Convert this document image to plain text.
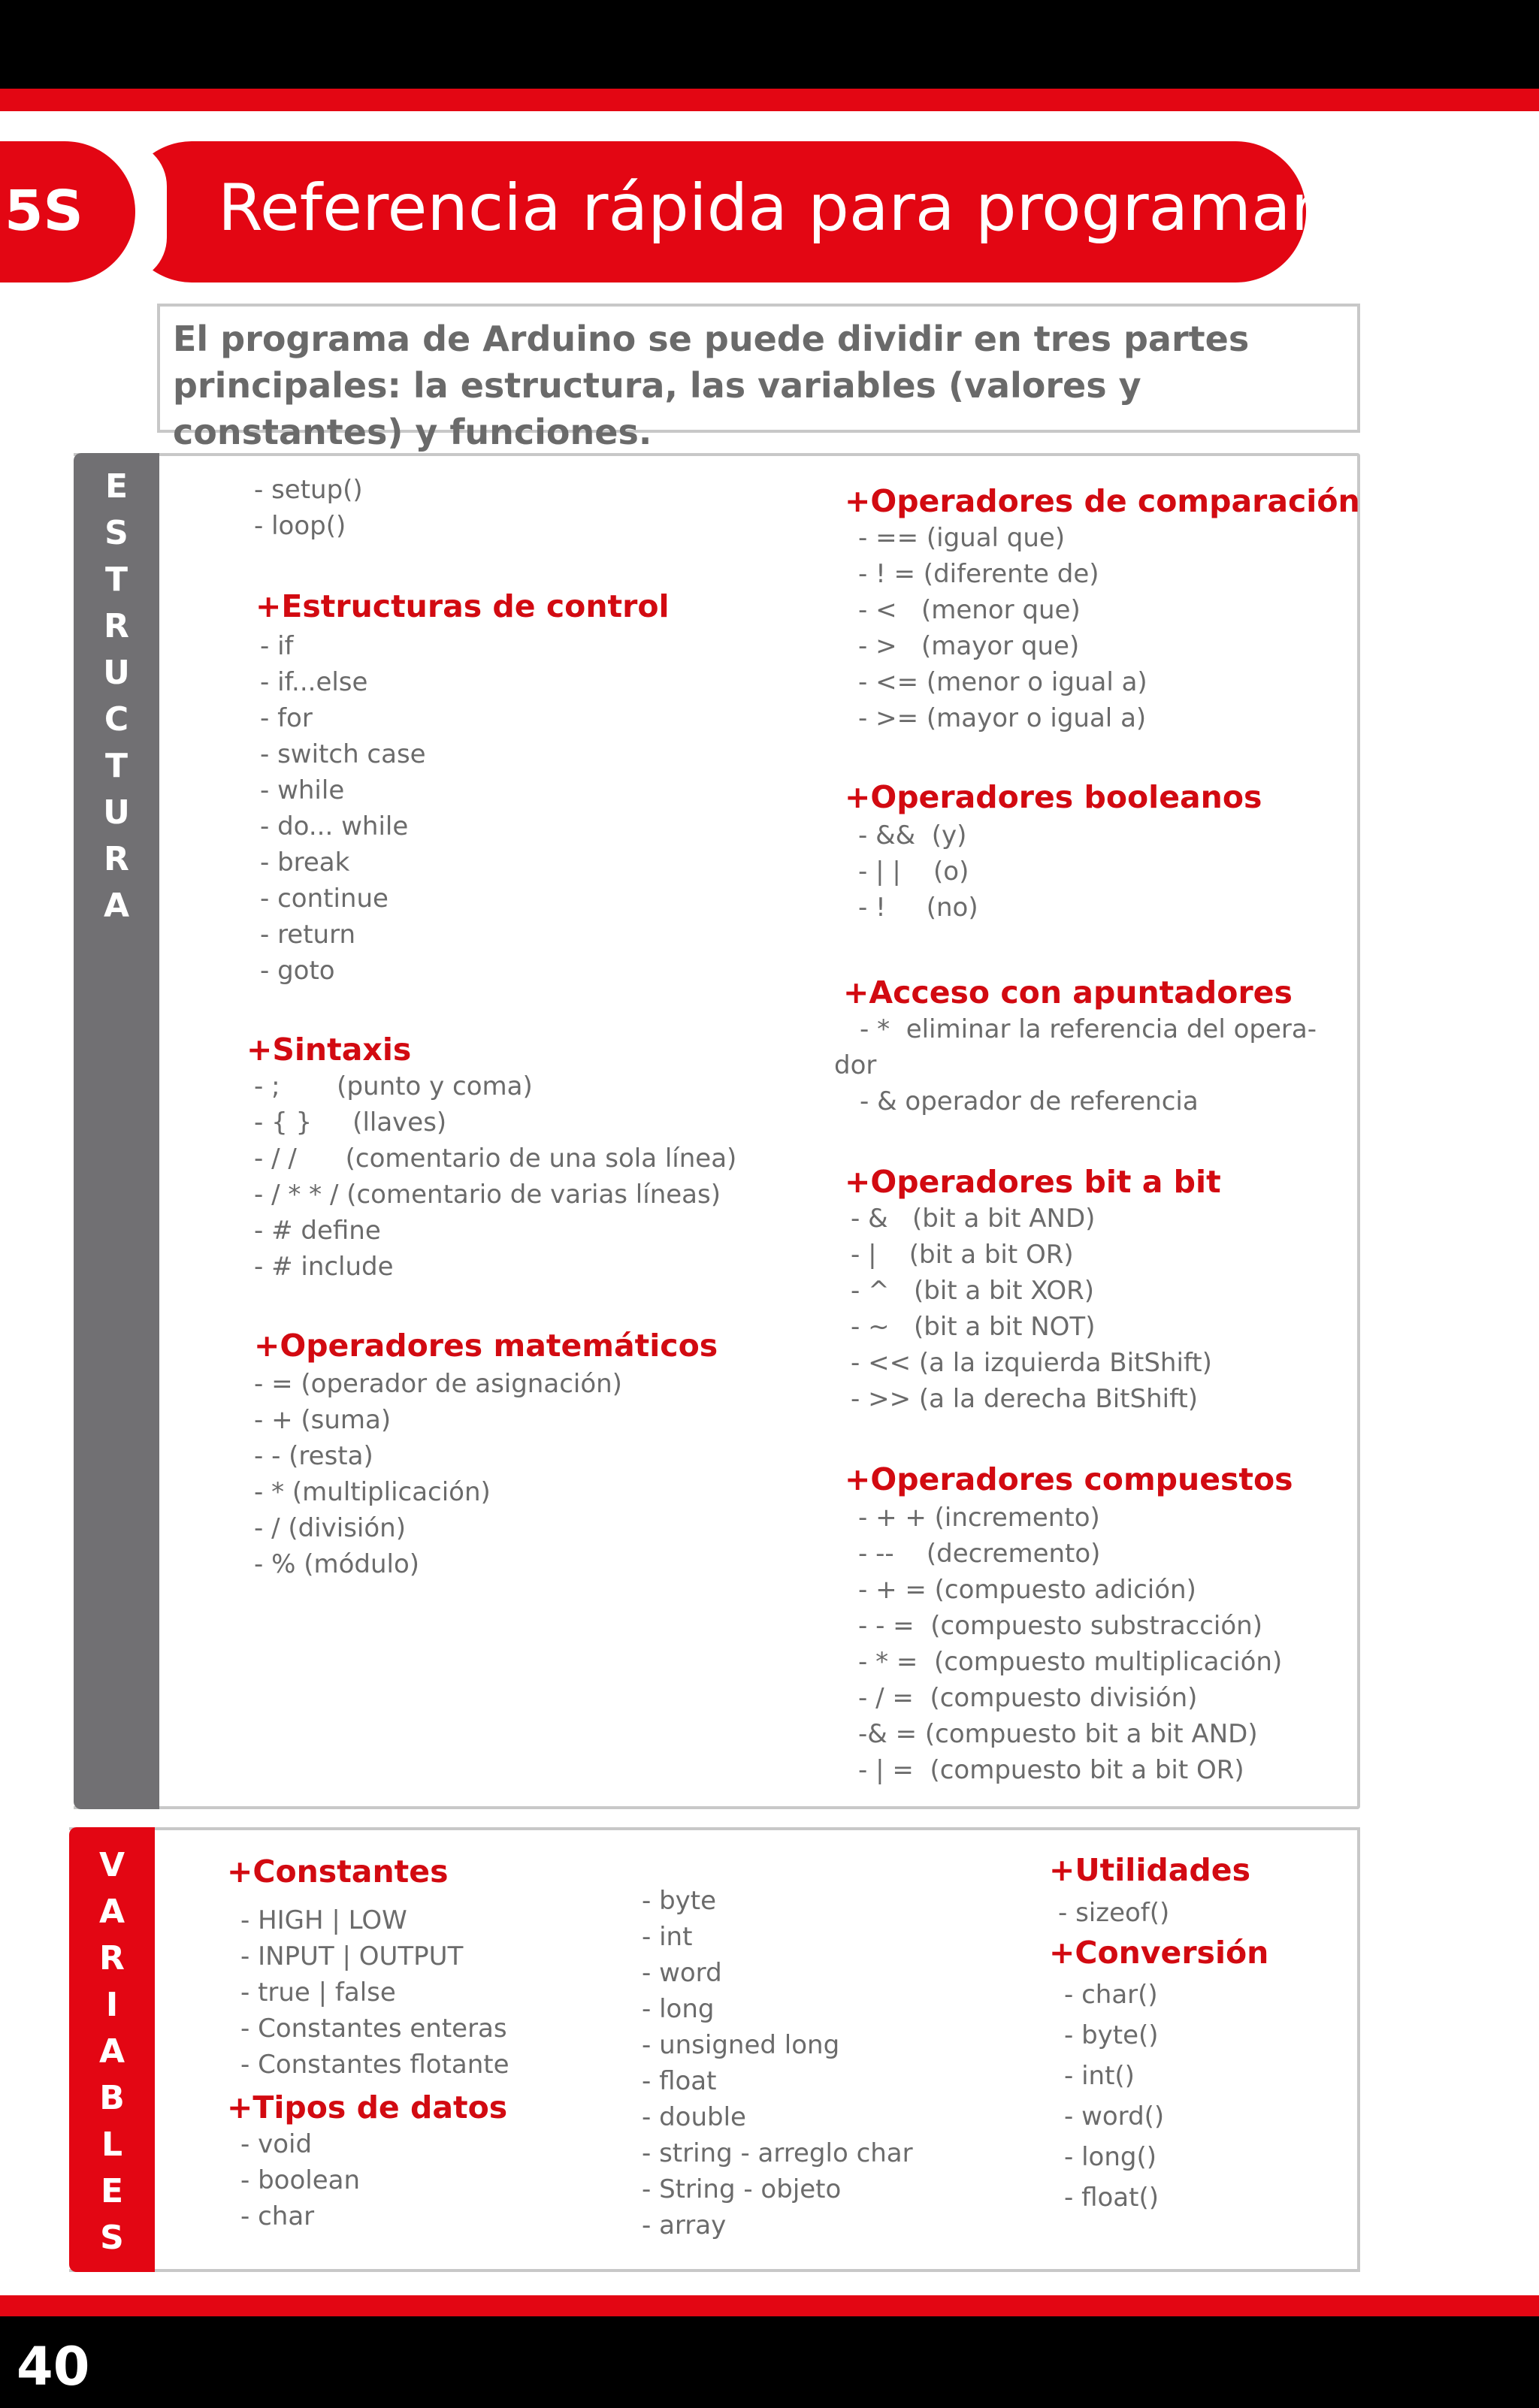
5S Referencia rápida para programar
El programa de Arduino se puede dividir en tres partes principales: la estructura, las variables (valores y constantes) y funciones.
E
S
T
R
U
C
T
U
R
A
- setup()
- loop()
+Estructuras de control
- if
- if...else
- for
- switch case
- while
- do... while
- break
- continue
- return
- goto
+Sintaxis
- ;       (punto y coma)
- { }     (llaves)
- / /      (comentario de una sola línea)
- / * * / (comentario de varias líneas)
- # define
- # include
+Operadores matemáticos
- = (operador de asignación)
- + (suma)
- - (resta)
- * (multiplicación)
- / (división)
- % (módulo)
+Operadores de comparación
- == (igual que)
- ! = (diferente de)
- <   (menor que)
- >   (mayor que)
- <= (menor o igual a)
- >= (mayor o igual a)
+Operadores booleanos
- &&  (y)
- | |    (o)
- !     (no)
+Acceso con apuntadores
- *  eliminar la referencia del opera-
dor
- & operador de referencia
+Operadores bit a bit
- &   (bit a bit AND)
- |    (bit a bit OR)
- ^   (bit a bit XOR)
- ~   (bit a bit NOT)
- << (a la izquierda BitShift)
- >> (a la derecha BitShift)
+Operadores compuestos
- + + (incremento)
- --    (decremento)
- + = (compuesto adición)
- - =  (compuesto substracción)
- * =  (compuesto multiplicación)
- / =  (compuesto división)
-& = (compuesto bit a bit AND)
- | =  (compuesto bit a bit OR)
V
A
R
I
A
B
L
E
S
+Constantes
- HIGH | LOW
- INPUT | OUTPUT
- true | false
- Constantes enteras
- Constantes flotante
+Tipos de datos
- void
- boolean
- char
- byte
- int
- word
- long
- unsigned long
- float
- double
- string - arreglo char
- String - objeto
- array
+Utilidades
- sizeof()
+Conversión
- char()
- byte()
- int()
- word()
- long()
- float()
40
